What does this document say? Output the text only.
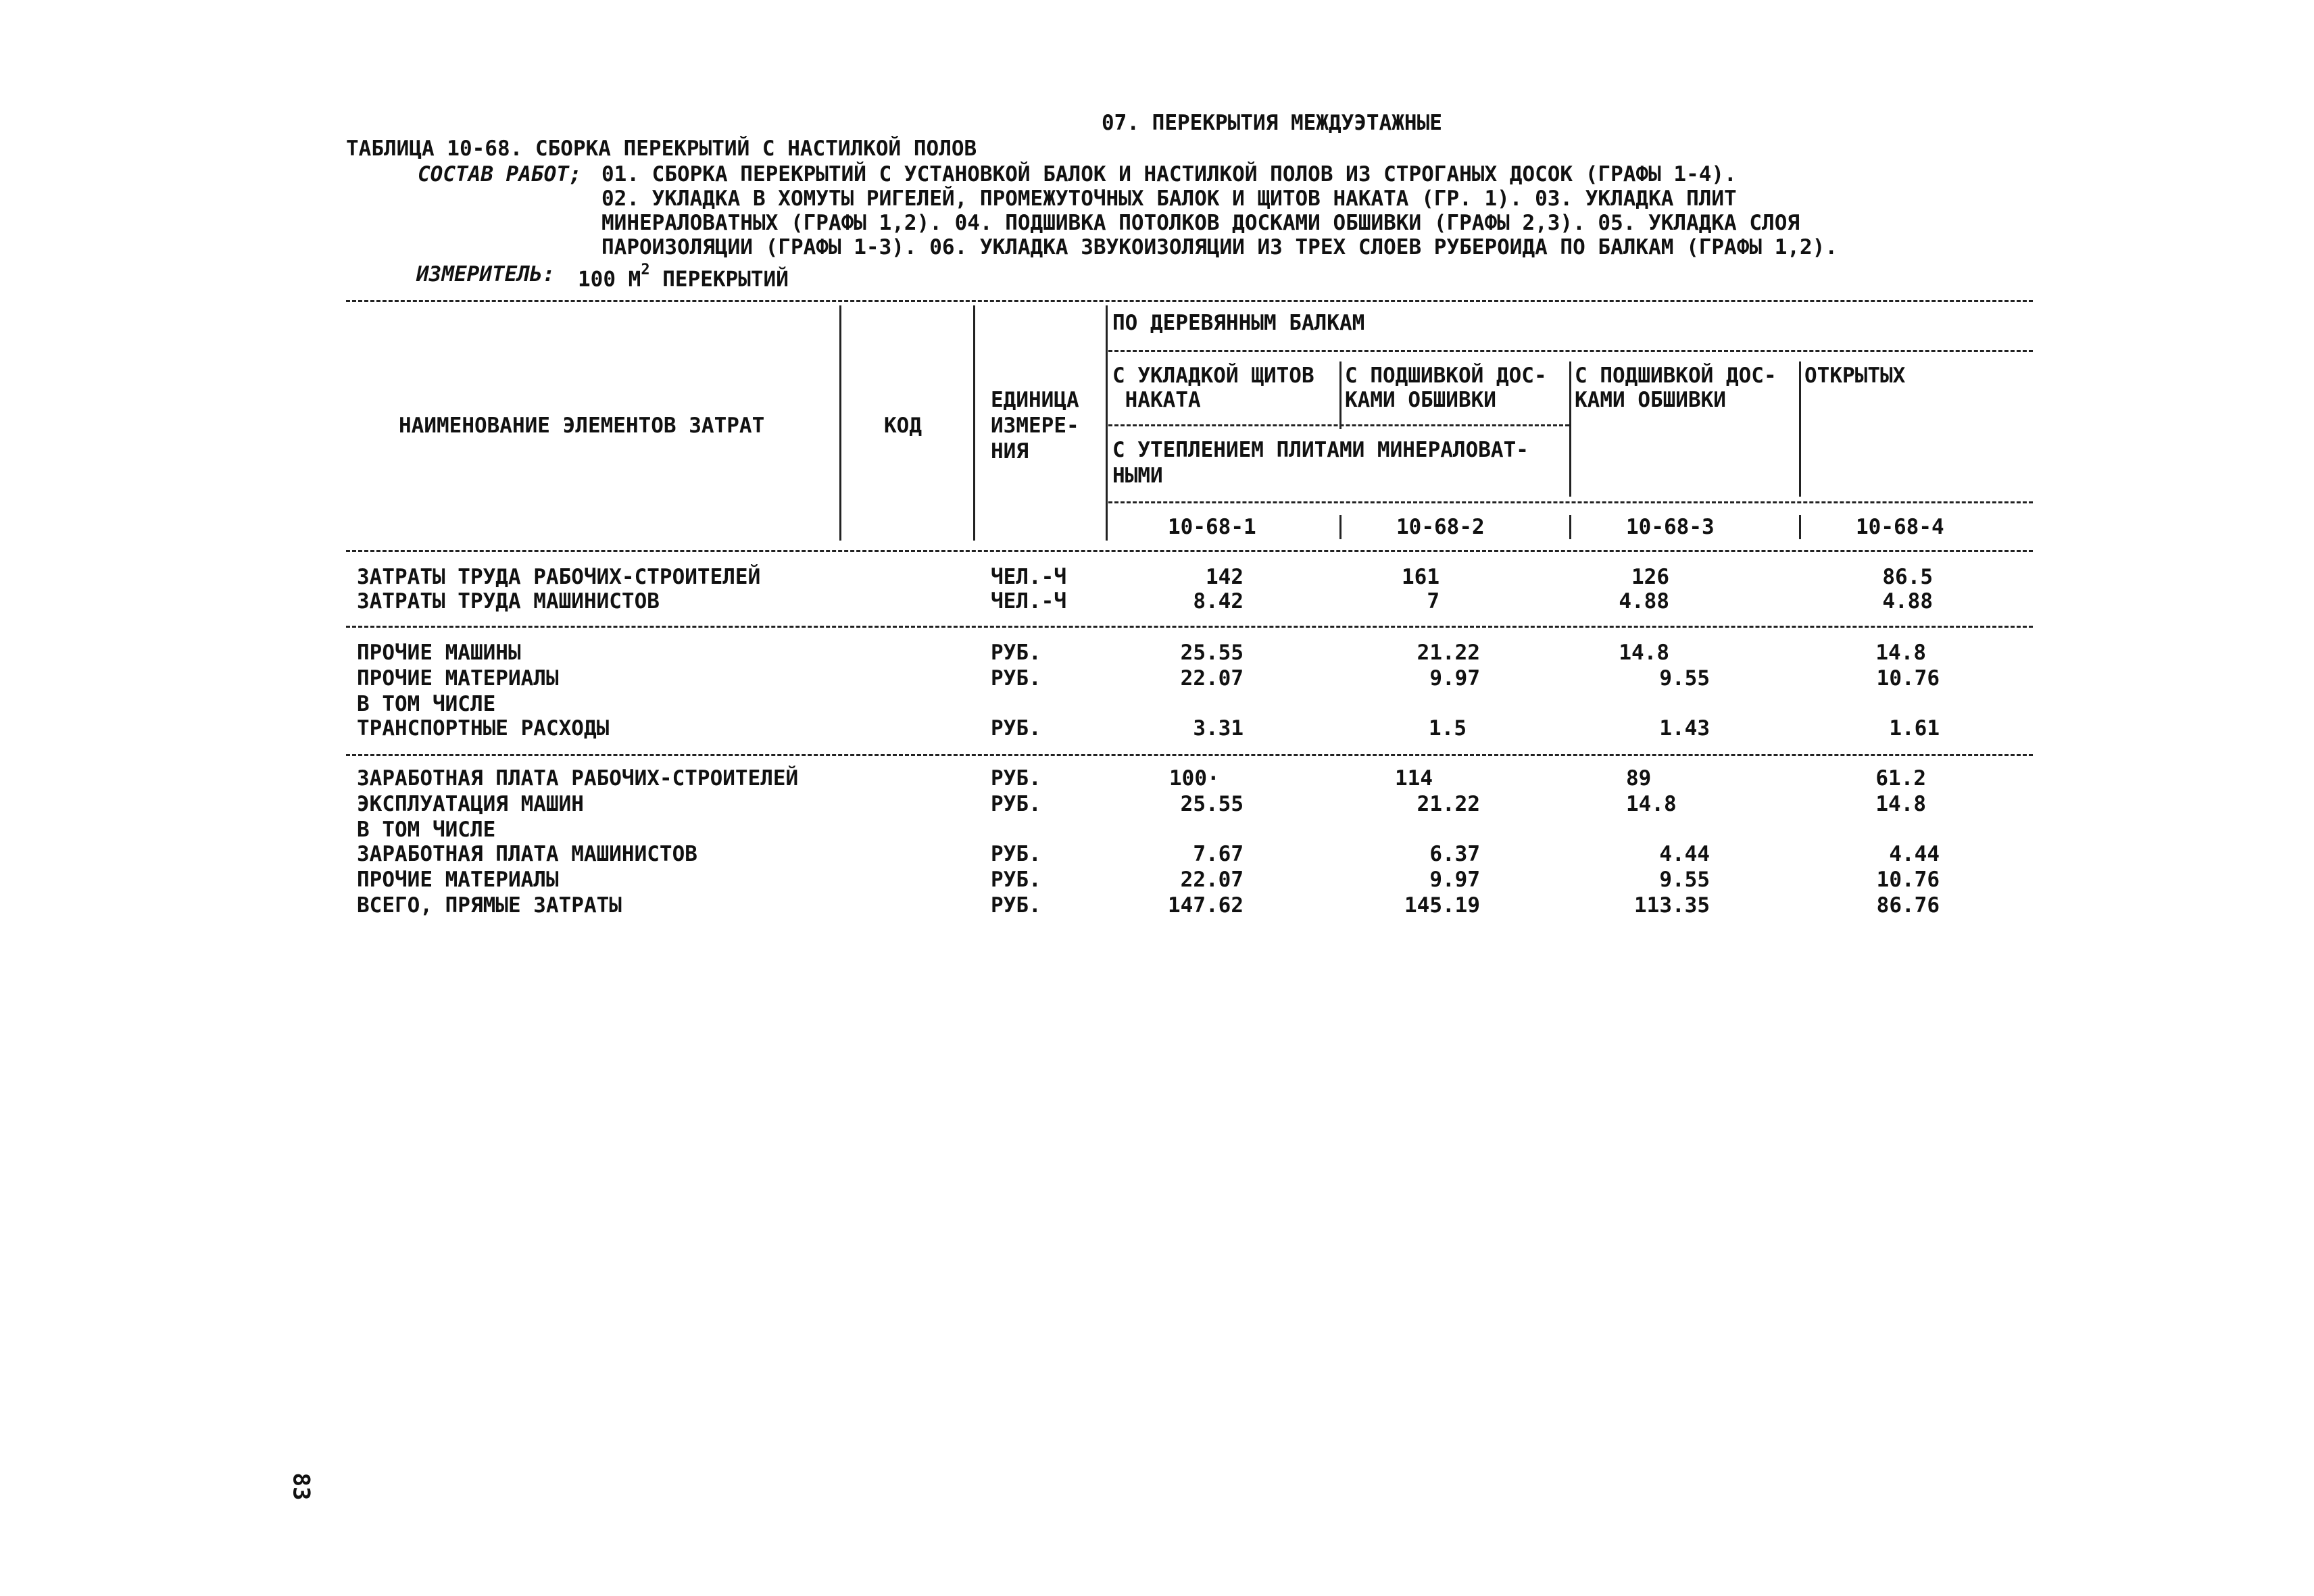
07. ПЕРЕКРЫТИЯ МЕЖДУЭТАЖНЫЕ
ТАБЛИЦА 10-68. СБОРКА ПЕРЕКРЫТИЙ С НАСТИЛКОЙ ПОЛОВ
СОСТАВ РАБОТ; 01. СБОРКА ПЕРЕКРЫТИЙ С УСТАНОВКОЙ БАЛОК И НАСТИЛКОЙ ПОЛОВ ИЗ СТРОГАНЫХ ДОСОК (ГРАФЫ 1-4).
02. УКЛАДКА В ХОМУТЫ РИГЕЛЕЙ, ПРОМЕЖУТОЧНЫХ БАЛОК И ЩИТОВ НАКАТА (ГР. 1). 03. УКЛАДКА ПЛИТ
МИНЕРАЛОВАТНЫХ (ГРАФЫ 1,2). 04. ПОДШИВКА ПОТОЛКОВ ДОСКАМИ ОБШИВКИ (ГРАФЫ 2,3). 05. УКЛАДКА СЛОЯ
ПАРОИЗОЛЯЦИИ (ГРАФЫ 1-3). 06. УКЛАДКА ЗВУКОИЗОЛЯЦИИ ИЗ ТРЕХ СЛОЕВ РУБЕРОИДА ПО БАЛКАМ (ГРАФЫ 1,2).
ИЗМЕРИТЕЛЬ: 100 $М^2$ ПЕРЕКРЫТИЙ
НАИМЕНОВАНИЕ ЭЛЕМЕНТОВ ЗАТРАТ	КОД
ЕДИНИЦА
ИЗМЕРЕ-
НИЯ
ПО ДЕРЕВЯННЫМ БАЛКАМ
С УКЛАДКОЙ ЩИТОВ
НАКАТА
С ПОДШИВКОЙ ДОС-
КАМИ ОБШИВКИ
С ПОДШИВКОЙ ДОС-
КАМИ ОБШИВКИ
ОТКРЫТЫХ
С УТЕПЛЕНИЕМ ПЛИТАМИ МИНЕРАЛОВАТ-
НЫМИ
10-68-1	10-68-2	10-68-3	10-68-4
ЗАТРАТЫ ТРУДА РАБОЧИХ-СТРОИТЕЛЕЙ	ЧЕЛ.-Ч	142	161	126	86.5
ЗАТРАТЫ ТРУДА МАШИНИСТОВ	ЧЕЛ.-Ч	8.42	7	4.88	4.88
ПРОЧИЕ МАШИНЫ	РУБ.	25.55	21.22	14.8	14.8
ПРОЧИЕ МАТЕРИАЛЫ	РУБ.	22.07	9.97	9.55	10.76
В ТОМ ЧИСЛЕ
ТРАНСПОРТНЫЕ РАСХОДЫ	РУБ.	3.31	1.5	1.43	1.61
ЗАРАБОТНАЯ ПЛАТА РАБОЧИХ-СТРОИТЕЛЕЙ	РУБ.	100·	114	89	61.2
ЭКСПЛУАТАЦИЯ МАШИН	РУБ.	25.55	21.22	14.8	14.8
В ТОМ ЧИСЛЕ
ЗАРАБОТНАЯ ПЛАТА МАШИНИСТОВ	РУБ.	7.67	6.37	4.44	4.44
ПРОЧИЕ МАТЕРИАЛЫ	РУБ.	22.07	9.97	9.55	10.76
ВСЕГО, ПРЯМЫЕ ЗАТРАТЫ	РУБ.	147.62	145.19	113.35	86.76
83
